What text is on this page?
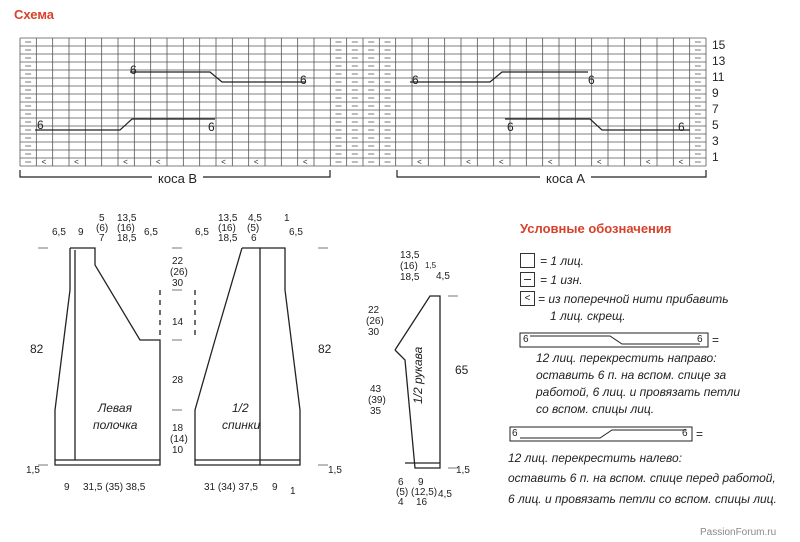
Схема
<	<	<	<	<	<	<	<	<	<	<	<	<	<
6
6
6	6
6	6
6	6
коса В	коса А
15
13
11
9
7
5
3
1
6,5 9
5
(6)
7
13,5
(16)
18,5
6,5
82
1,5
9 31,5 (35) 38,5
Левая
полочка
22
(26)
30
14
28
18
(14)
10
6,5
13,5
(16)
18,5
4,5
(5)
6
1
6,5
82
1,5
31 (34) 37,5 9 1
1/2
спинки
13,5
(16)
18,5
1,5
4,5
22
(26)
30
43
(39)
35
65
1,5
6
(5)
4
9
(12,5)
16
4,5
1/2 рукава
Условные обозначения
= 1 лиц.
= 1 изн.
< = из поперечной нити прибавить
1 лиц. скрещ.
6	6 =
12 лиц. перекрестить направо:
оставить 6 п. на вспом. спице за
работой, 6 лиц. и провязать петли
со вспом. спицы лиц.
6	6 =
12 лиц. перекрестить налево:
оставить 6 п. на вспом. спице перед работой,
6 лиц. и провязать петли со вспом. спицы лиц.
PassionForum.ru
